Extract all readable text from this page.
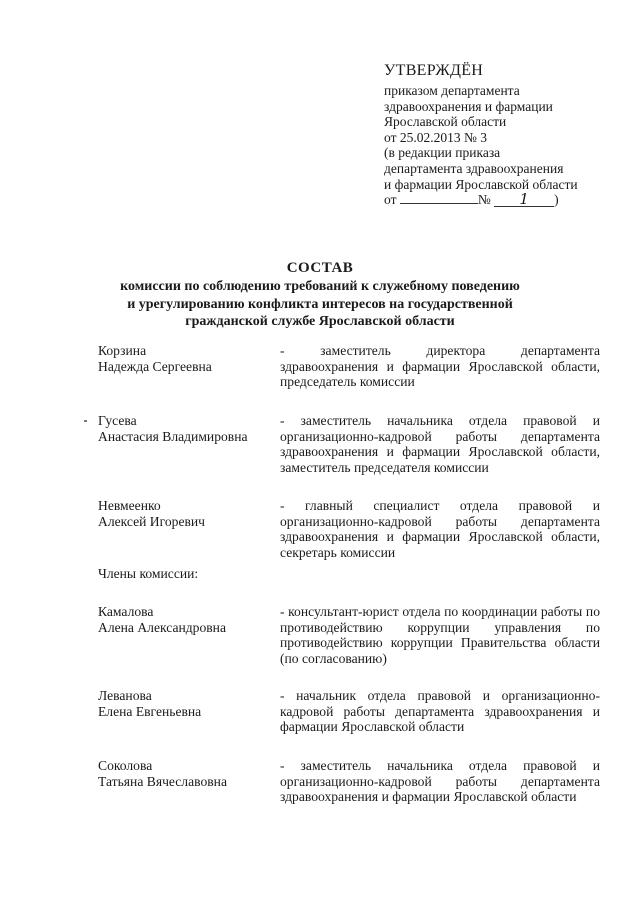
УТВЕРЖДЁН
приказом департамента
здравоохранения и фармации
Ярославской области
от 25.02.2013 № 3
(в редакции приказа
департамента здравоохранения
и фармации Ярославской области
от	№ 1 )
СОСТАВ
комиссии по соблюдению требований к служебному поведению
и урегулированию конфликта интересов на государственной
гражданской службе Ярославской области
Корзина
Надежда Сергеевна
- заместитель директора департамента здравоохранения и фармации Ярославской области, председатель комиссии
Гусева
Анастасия Владимировна
- заместитель начальника отдела правовой и организационно-кадровой работы департамента здравоохранения и фармации Ярославской области, заместитель председателя комиссии
Невмеенко
Алексей Игоревич
- главный специалист отдела правовой и организационно-кадровой работы департамента здравоохранения и фармации Ярославской области, секретарь комиссии
Члены комиссии:
Камалова
Алена Александровна
- консультант-юрист отдела по координации работы по противодействию коррупции управления по противодействию коррупции Правительства области (по согласованию)
Леванова
Елена Евгеньевна
- начальник отдела правовой и организационно-кадровой работы департамента здравоохранения и фармации Ярославской области
Соколова
Татьяна Вячеславовна
- заместитель начальника отдела правовой и организационно-кадровой работы департамента здравоохранения и фармации Ярославской области
